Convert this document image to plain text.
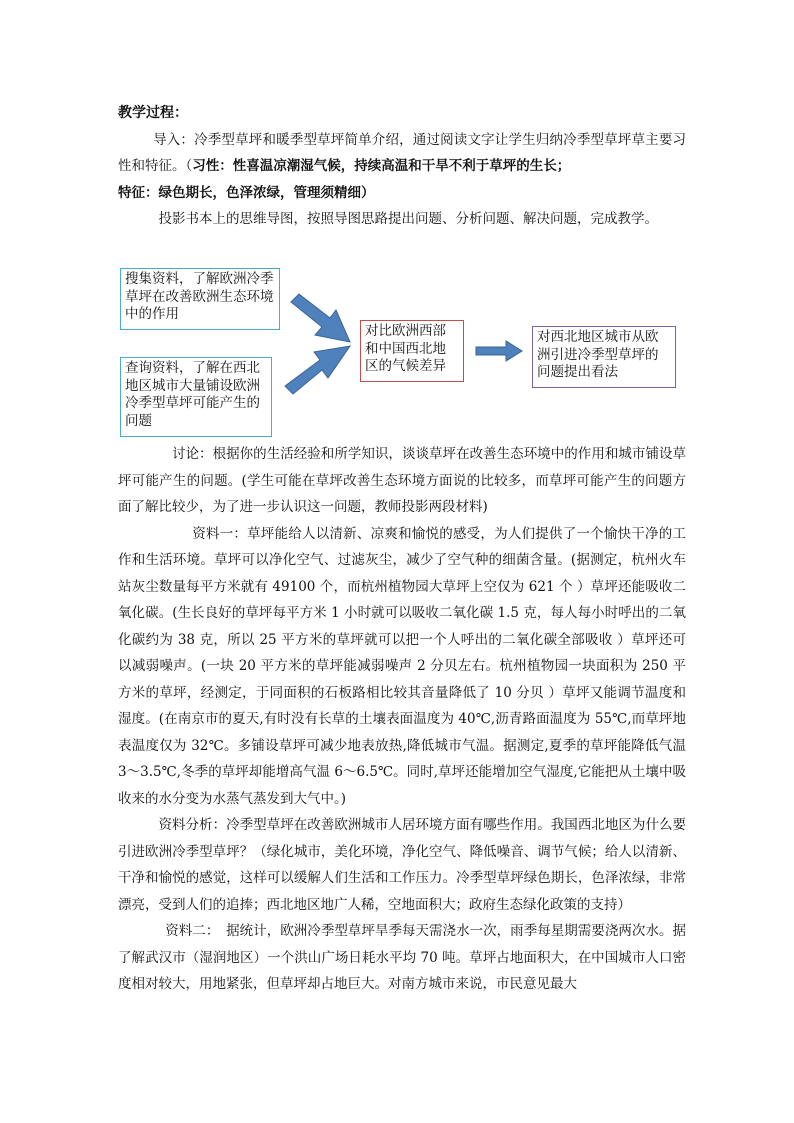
教学过程：

导入：冷季型草坪和暖季型草坪简单介绍，通过阅读文字让学生归纳冷季型草坪草主要习性和特征。（习性：性喜温凉潮湿气候，持续高温和干旱不利于草坪的生长；
特征：绿色期长，色泽浓绿，管理须精细）

投影书本上的思维导图，按照导图思路提出问题、分析问题、解决问题，完成教学。

搜集资料，了解欧洲冷季草坪在改善欧洲生态环境中的作用
查询资料，了解在西北地区城市大量铺设欧洲冷季型草坪可能产生的问题
对比欧洲西部和中国西北地区的气候差异
对西北地区城市从欧洲引进冷季型草坪的问题提出看法

讨论：根据你的生活经验和所学知识，谈谈草坪在改善生态环境中的作用和城市铺设草坪可能产生的问题。(学生可能在草坪改善生态环境方面说的比较多，而草坪可能产生的问题方面了解比较少，为了进一步认识这一问题，教师投影两段材料)

资料一：草坪能给人以清新、凉爽和愉悦的感受，为人们提供了一个愉快干净的工作和生活环境。草坪可以净化空气、过滤灰尘，减少了空气种的细菌含量。(据测定，杭州火车站灰尘数量每平方米就有 49100 个，而杭州植物园大草坪上空仅为 621 个 ）草坪还能吸收二氧化碳。(生长良好的草坪每平方米 1 小时就可以吸收二氧化碳 1.5 克，每人每小时呼出的二氧化碳约为 38 克，所以 25 平方米的草坪就可以把一个人呼出的二氧化碳全部吸收 ）草坪还可以减弱噪声。(一块 20 平方米的草坪能减弱噪声 2 分贝左右。杭州植物园一块面积为 250 平方米的草坪，经测定，于同面积的石板路相比较其音量降低了 10 分贝 ）草坪又能调节温度和湿度。(在南京市的夏天,有时没有长草的土壤表面温度为 40℃,沥青路面温度为 55℃,而草坪地表温度仅为 32℃。多铺设草坪可减少地表放热,降低城市气温。据测定,夏季的草坪能降低气温 3～3.5℃,冬季的草坪却能增高气温 6～6.5℃。同时,草坪还能增加空气湿度,它能把从土壤中吸收来的水分变为水蒸气蒸发到大气中。)

资料分析：冷季型草坪在改善欧洲城市人居环境方面有哪些作用。我国西北地区为什么要引进欧洲冷季型草坪？（绿化城市，美化环境，净化空气、降低噪音、调节气候；给人以清新、干净和愉悦的感觉，这样可以缓解人们生活和工作压力。冷季型草坪绿色期长，色泽浓绿，非常漂亮，受到人们的追捧；西北地区地广人稀，空地面积大；政府生态绿化政策的支持）

资料二：　据统计，欧洲冷季型草坪旱季每天需浇水一次，雨季每星期需要浇两次水。据了解武汉市（湿润地区）一个洪山广场日耗水平均 70 吨。草坪占地面积大，在中国城市人口密度相对较大，用地紧张，但草坪却占地巨大。对南方城市来说，市民意见最大
